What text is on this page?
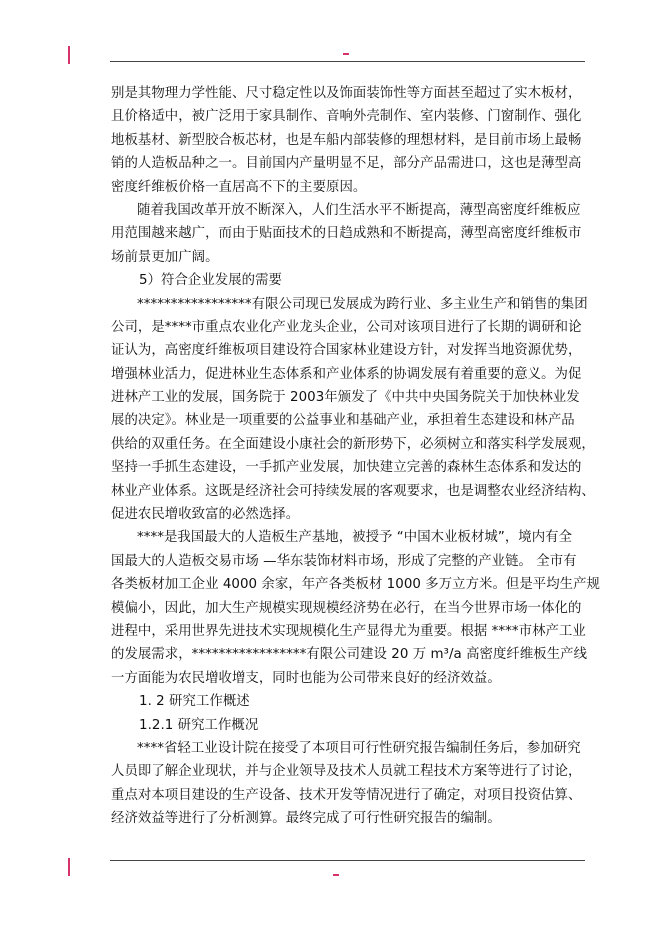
别是其物理力学性能、尺寸稳定性以及饰面装饰性等方面甚至超过了实木板材，
且价格适中，被广泛用于家具制作、音响外壳制作、室内装修、门窗制作、强化
地板基材、新型胶合板芯材，也是车船内部装修的理想材料，是目前市场上最畅
销的人造板品种之一。目前国内产量明显不足，部分产品需进口，这也是薄型高
密度纤维板价格一直居高不下的主要原因。
随着我国改革开放不断深入，人们生活水平不断提高，薄型高密度纤维板应
用范围越来越广，而由于贴面技术的日趋成熟和不断提高，薄型高密度纤维板市
场前景更加广阔。
5）符合企业发展的需要
*****************有限公司现已发展成为跨行业、多主业生产和销售的集团
公司，是****市重点农业化产业龙头企业，公司对该项目进行了长期的调研和论
证认为，高密度纤维板项目建设符合国家林业建设方针，对发挥当地资源优势，
增强林业活力，促进林业生态体系和产业体系的协调发展有着重要的意义。为促
进林产工业的发展，国务院于 2003年颁发了《中共中央国务院关于加快林业发
展的决定》。林业是一项重要的公益事业和基础产业，承担着生态建设和林产品
供给的双重任务。在全面建设小康社会的新形势下，必须树立和落实科学发展观，
坚持一手抓生态建设，一手抓产业发展，加快建立完善的森林生态体系和发达的
林业产业体系。这既是经济社会可持续发展的客观要求，也是调整农业经济结构、
促进农民增收致富的必然选择。
****是我国最大的人造板生产基地，被授予 “中国木业板材城”，境内有全
国最大的人造板交易市场 —华东装饰材料市场，形成了完整的产业链。 全市有
各类板材加工企业 4000 余家，年产各类板材 1000 多万立方米。但是平均生产规
模偏小，因此，加大生产规模实现规模经济势在必行，在当今世界市场一体化的
进程中，采用世界先进技术实现规模化生产显得尤为重要。根据 ****市林产工业
的发展需求，*****************有限公司建设 20 万 m³/a 高密度纤维板生产线
一方面能为农民增收增支，同时也能为公司带来良好的经济效益。
1. 2 研究工作概述
1.2.1 研究工作概况
****省轻工业设计院在接受了本项目可行性研究报告编制任务后，参加研究
人员即了解企业现状，并与企业领导及技术人员就工程技术方案等进行了讨论，
重点对本项目建设的生产设备、技术开发等情况进行了确定，对项目投资估算、
经济效益等进行了分析测算。最终完成了可行性研究报告的编制。
